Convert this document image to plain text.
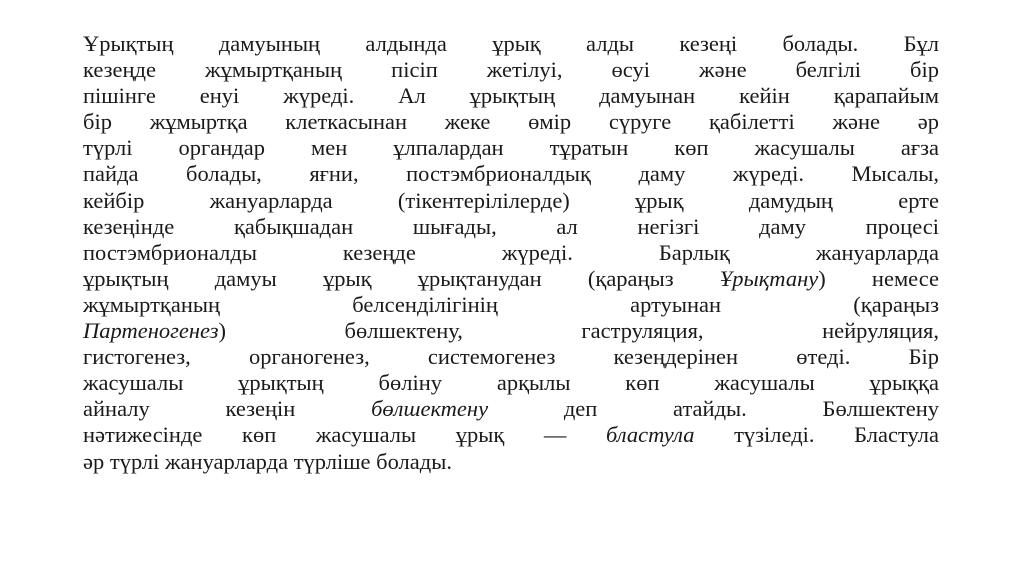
Ұрықтың дамуының алдында ұрық алды кезеңі болады. Бұл
кезеңде жұмыртқаның пісіп жетілуі, өсуі және белгілі бір
пішінге енуі жүреді. Ал ұрықтың дамуынан кейін қарапайым
бір жұмыртқа клеткасынан жеке өмір сүруге қабілетті және әр
түрлі органдар мен ұлпалардан тұратын көп жасушалы ағза
пайда болады, яғни, постэмбрионалдық даму жүреді. Мысалы,
кейбір жануарларда (тікентерілілерде) ұрық дамудың ерте
кезеңінде қабықшадан шығады, ал негізгі даму процесі
постэмбрионалды кезеңде жүреді. Барлық жануарларда
ұрықтың дамуы ұрық ұрықтанудан (қараңыз Ұрықтану) немесе
жұмыртқаның белсенділігінің артуынан (қараңыз
Партеногенез) бөлшектену, гаструляция, нейруляция,
гистогенез, органогенез, системогенез кезеңдерінен өтеді. Бір
жасушалы ұрықтың бөліну арқылы көп жасушалы ұрыққа
айналу кезеңін бөлшектену деп атайды. Бөлшектену
нәтижесінде көп жасушалы ұрық — бластула түзіледі. Бластула
әр түрлі жануарларда түрліше болады.
